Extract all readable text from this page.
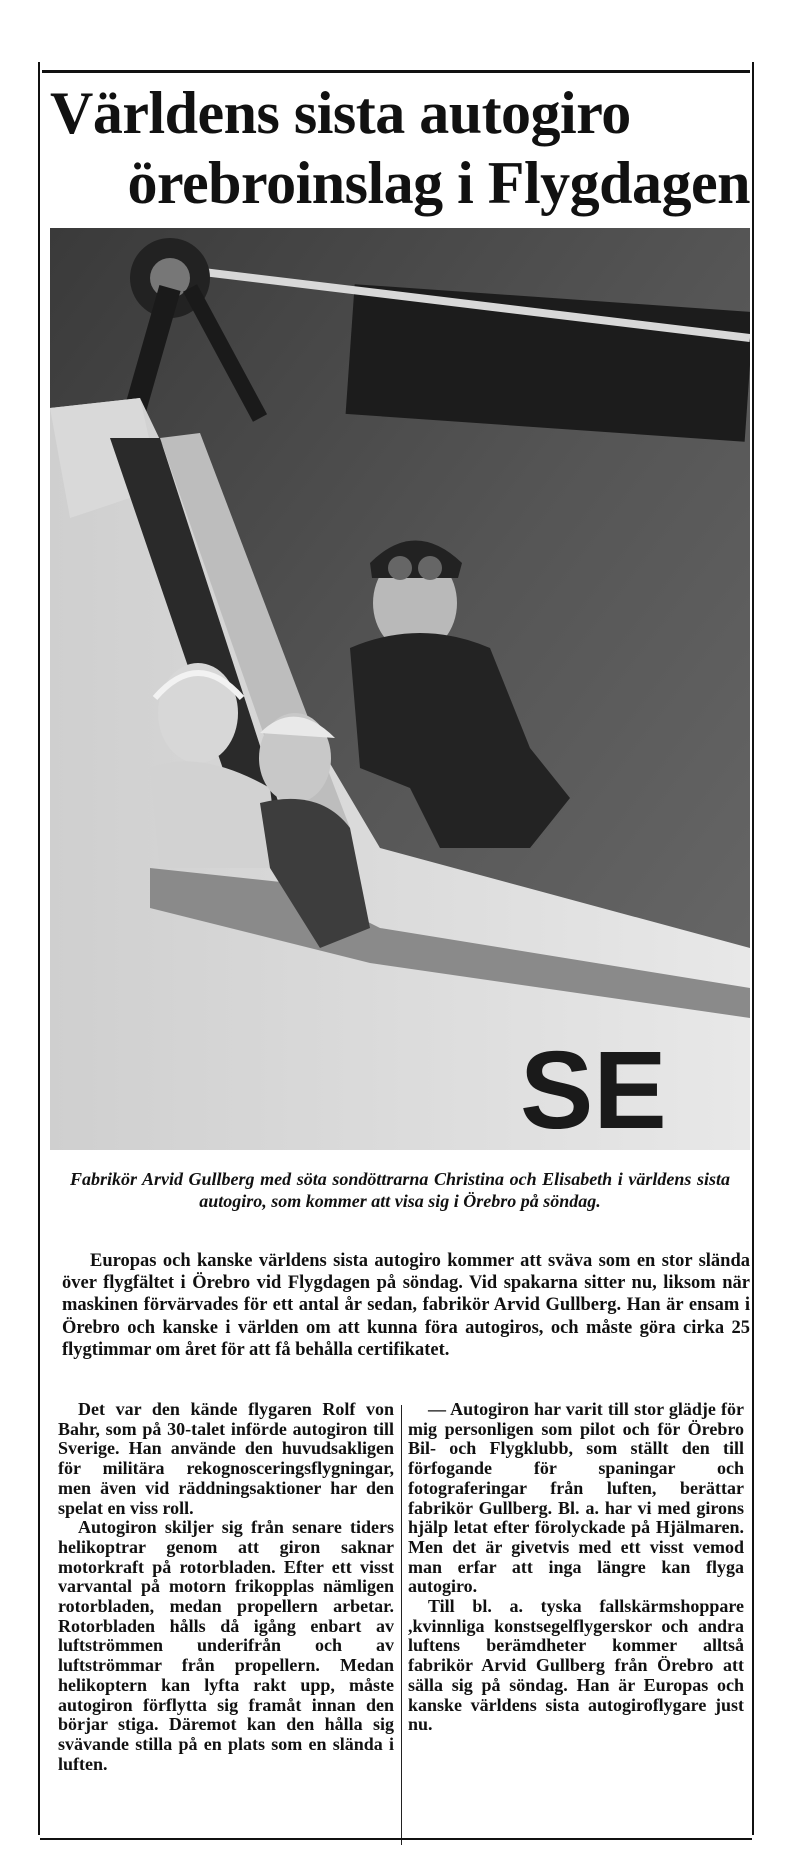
Världens sista autogiro
örebroinslag i Flygdagen
SE
Fabrikör Arvid Gullberg med söta sondöttrarna Christina och Elisabeth i världens sista autogiro, som kommer att visa sig i Örebro på söndag.

Europas och kanske världens sista autogiro kommer att sväva som en stor slända över flygfältet i Örebro vid Flygdagen på söndag. Vid spakarna sitter nu, liksom när maskinen förvärvades för ett antal år sedan, fabrikör Arvid Gullberg. Han är ensam i Örebro och kanske i världen om att kunna föra autogiros, och måste göra cirka 25 flygtimmar om året för att få behålla certifikatet.

Det var den kände flygaren Rolf von Bahr, som på 30-talet införde autogiron till Sverige. Han använde den huvudsakligen för militära rekognosceringsflygningar, men även vid räddningsaktioner har den spelat en viss roll.

Autogiron skiljer sig från senare tiders helikoptrar genom att giron saknar motorkraft på rotorbladen. Efter ett visst varvantal på motorn frikopplas nämligen rotorbladen, medan propellern arbetar. Rotorbladen hålls då igång enbart av luftströmmen underifrån och av luftströmmar från propellern. Medan helikoptern kan lyfta rakt upp, måste autogiron förflytta sig framåt innan den börjar stiga. Däremot kan den hålla sig svävande stilla på en plats som en slända i luften.

— Autogiron har varit till stor glädje för mig personligen som pilot och för Örebro Bil- och Flygklubb, som ställt den till förfogande för spaningar och fotograferingar från luften, berättar fabrikör Gullberg. Bl. a. har vi med girons hjälp letat efter förolyckade på Hjälmaren. Men det är givetvis med ett visst vemod man erfar att inga längre kan flyga autogiro.

Till bl. a. tyska fallskärmshoppare ,kvinnliga konstsegelflygerskor och andra luftens berämdheter kommer alltså fabrikör Arvid Gullberg från Örebro att sälla sig på söndag. Han är Europas och kanske världens sista autogiroflygare just nu.
